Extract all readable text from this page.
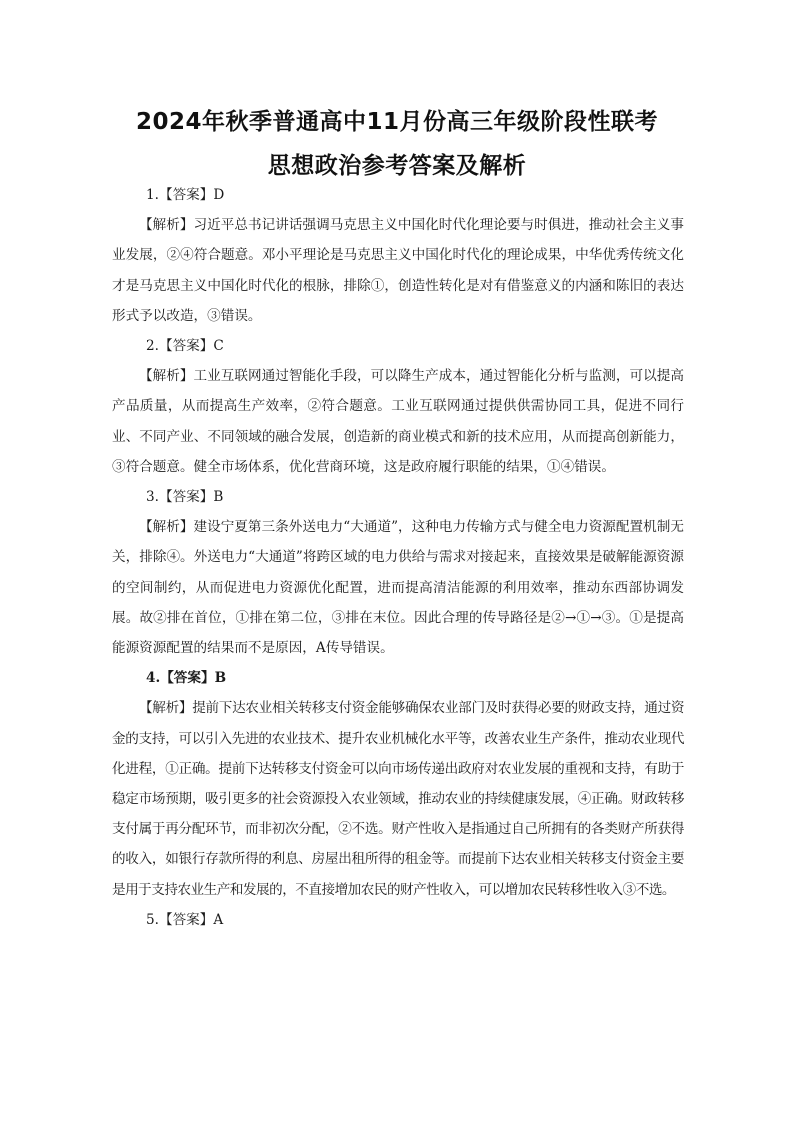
2024年秋季普通高中11月份高三年级阶段性联考
思想政治参考答案及解析

1.【答案】D

【解析】习近平总书记讲话强调马克思主义中国化时代化理论要与时俱进，推动社会主义事业发展，②④符合题意。邓小平理论是马克思主义中国化时代化的理论成果，中华优秀传统文化才是马克思主义中国化时代化的根脉，排除①，创造性转化是对有借鉴意义的内涵和陈旧的表达形式予以改造，③错误。

2.【答案】C

【解析】工业互联网通过智能化手段，可以降生产成本，通过智能化分析与监测，可以提高产品质量，从而提高生产效率，②符合题意。工业互联网通过提供供需协同工具，促进不同行业、不同产业、不同领域的融合发展，创造新的商业模式和新的技术应用，从而提高创新能力，③符合题意。健全市场体系，优化营商环境，这是政府履行职能的结果，①④错误。

3.【答案】B

【解析】建设宁夏第三条外送电力“大通道”，这种电力传输方式与健全电力资源配置机制无关，排除④。外送电力“大通道”将跨区域的电力供给与需求对接起来，直接效果是破解能源资源的空间制约，从而促进电力资源优化配置，进而提高清洁能源的利用效率，推动东西部协调发展。故②排在首位，①排在第二位，③排在末位。因此合理的传导路径是②→①→③。①是提高能源资源配置的结果而不是原因，A传导错误。

4.【答案】B

【解析】提前下达农业相关转移支付资金能够确保农业部门及时获得必要的财政支持，通过资金的支持，可以引入先进的农业技术、提升农业机械化水平等，改善农业生产条件，推动农业现代化进程，①正确。提前下达转移支付资金可以向市场传递出政府对农业发展的重视和支持，有助于稳定市场预期，吸引更多的社会资源投入农业领域，推动农业的持续健康发展，④正确。财政转移支付属于再分配环节，而非初次分配，②不选。财产性收入是指通过自己所拥有的各类财产所获得的收入，如银行存款所得的利息、房屋出租所得的租金等。而提前下达农业相关转移支付资金主要是用于支持农业生产和发展的，不直接增加农民的财产性收入，可以增加农民转移性收入③不选。

5.【答案】A
